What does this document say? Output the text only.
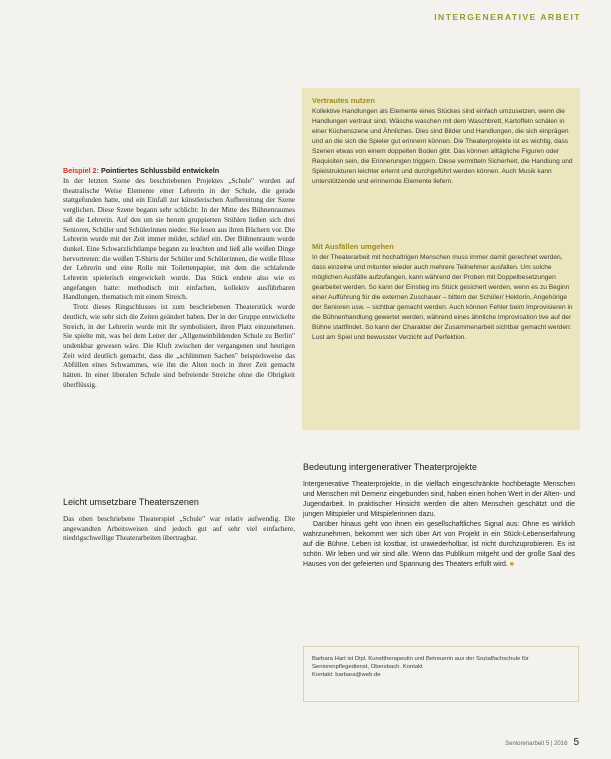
INTERGENERATIVE ARBEIT

Vertrautes nutzen

Kollektive Handlungen als Elemente eines Stückes sind einfach umzusetzen, wenn die Handlungen vertraut sind. Wäsche waschen mit dem Waschbrett, Kartoffeln schälen in einer Küchenszene und Ähnliches. Dies sind Bilder und Handlungen, die sich einprägen und an die sich die Spieler gut erinnern können. Die Theaterprojekte ist es wichtig, dass Szenen etwas von einem doppelten Boden gibt. Das können alltägliche Figuren oder Requisiten sein, die Erinnerungen triggern. Diese vermitteln Sicherheit, die Handlung und Spielstrukturen leichter erlernt und durchgeführt werden können. Auch Musik kann unterstützende und erinnernde Elemente liefern.

Mit Ausfällen umgehen

In der Theaterarbeit mit hochaltrigen Menschen muss immer damit gerechnet werden, dass einzelne und mitunter wieder auch mehrere Teilnehmer ausfallen. Um solche möglichen Ausfälle aufzufangen, kann während der Proben mit Doppelbesetzungen gearbeitet werden. So kann der Einstieg ins Stück gesichert werden, wenn es zu Beginn einer Aufführung für die externen Zuschauer – bittem der Schüler/ Hektorin, Angehörige der Senioren usw. – sichtbar gemacht werden. Auch können Fehler beim Improvisieren in die Bühnenhandlung gewertet werden, während eines ähnliche Improvisation live auf der Bühne stattfindet. So kann der Charakter der Zusammenarbeit sichtbar gemacht werden: Lust am Spiel und bewusster Verzicht auf Perfektion.

Beispiel 2: Pointiertes Schlussbild entwickeln

In der letzten Szene des beschriebenen Projektes „Schule" wurden auf theatralische Weise Elemente einer Lehrerin in der Schule, die gerade stattgefunden hatte, und ein Einfall zur künstlerischen Aufbereitung der Szene verglichen. Diese Szene begann sehr schlicht: In der Mitte des Bühnenraumes saß die Lehrerin. Auf den um sie herum gruppierten Stühlen ließen sich drei Senioren, Schüler und Schülerinnen nieder. Sie lesen aus ihren Büchern vor. Die Lehrerin wurde mit der Zeit immer müder, schlief ein. Der Bühnenraum wurde dunkel. Eine Schwarzlichtlampe begann zu leuchten und ließ alle weißen Dinge hervortreten: die weißen T-Shirts der Schüler und Schülerinnen, die weiße Bluse der Lehrerin und eine Rolle mit Toilettenpapier, mit dem die schlafende Lehrerin spielerisch eingewickelt wurde. Das Stück endete also wie es angefangen hatte: methodisch mit einfachen, kollektiv ausführbaren Handlungen, thematisch mit einem Streich.

Trotz dieses Ringschlusses ist zum beschriebenen Theaterstück wurde deutlich, wie sehr sich die Zeiten geändert haben. Der in der Gruppe entwickelte Streich, in der Lehrerin wurde mit ihr symbolisiert, ihren Platz einzunehmen. Sie spielte mit, was bei dem Leiter der „Allgemeinbildenden Schule zu Berlin" undenkbar gewesen wäre. Die Kluft zwischen der vergangenen und heutigen Zeit wird deutlich gemacht, dass die „schlimmen Sachen" beispielsweise das Abfüllen eines Schwammes, wie ihn die Alten noch in ihrer Zeit gemacht hätten. In einer liberalen Schule sind befreiende Streiche ohne die Obrigkeit überflüssig.

Leicht umsetzbare Theaterszenen

Das oben beschriebene Theaterspiel „Schule" war relativ aufwendig. Die angewandten Arbeitsweisen sind jedoch gut auf sehr viel einfachere, niedrigschwellige Theaterarbeiten übertragbar.

Bedeutung intergenerativer Theaterprojekte

Intergenerative Theaterprojekte, in die vielfach eingeschränkte hochbetagte Menschen und Menschen mit Demenz eingebunden sind, haben einen hohen Wert in der Alten- und Jugendarbeit. In praktischer Hinsicht werden die alten Menschen geschätzt und die jungen Mitspieler und Mitspielerinnen dazu.

Darüber hinaus geht von ihnen ein gesellschaftliches Signal aus: Ohne es wirklich wahrzunehmen, bekommt wer sich über Art von Projekt in ein Stück-Lebenserfahrung auf die Bühne. Leben ist kostbar, ist unwiederholbar, ist nicht durchzuprobieren. Es ist schön. Wir leben und wir sind alle. Wenn das Publikum mitgeht und der große Saal des Hauses von der gefeierten und Spannung des Theaters erfüllt wird. ■

Barbara Hart ist Dipl. Kunsttherapeutin und Betreuerin aus der Sozialfachschule für Seniorenpflegedienst, Obersbach. Kontakt
Kontakt: barbara@web.de
Seniorenarbeit 5 | 2016 5
